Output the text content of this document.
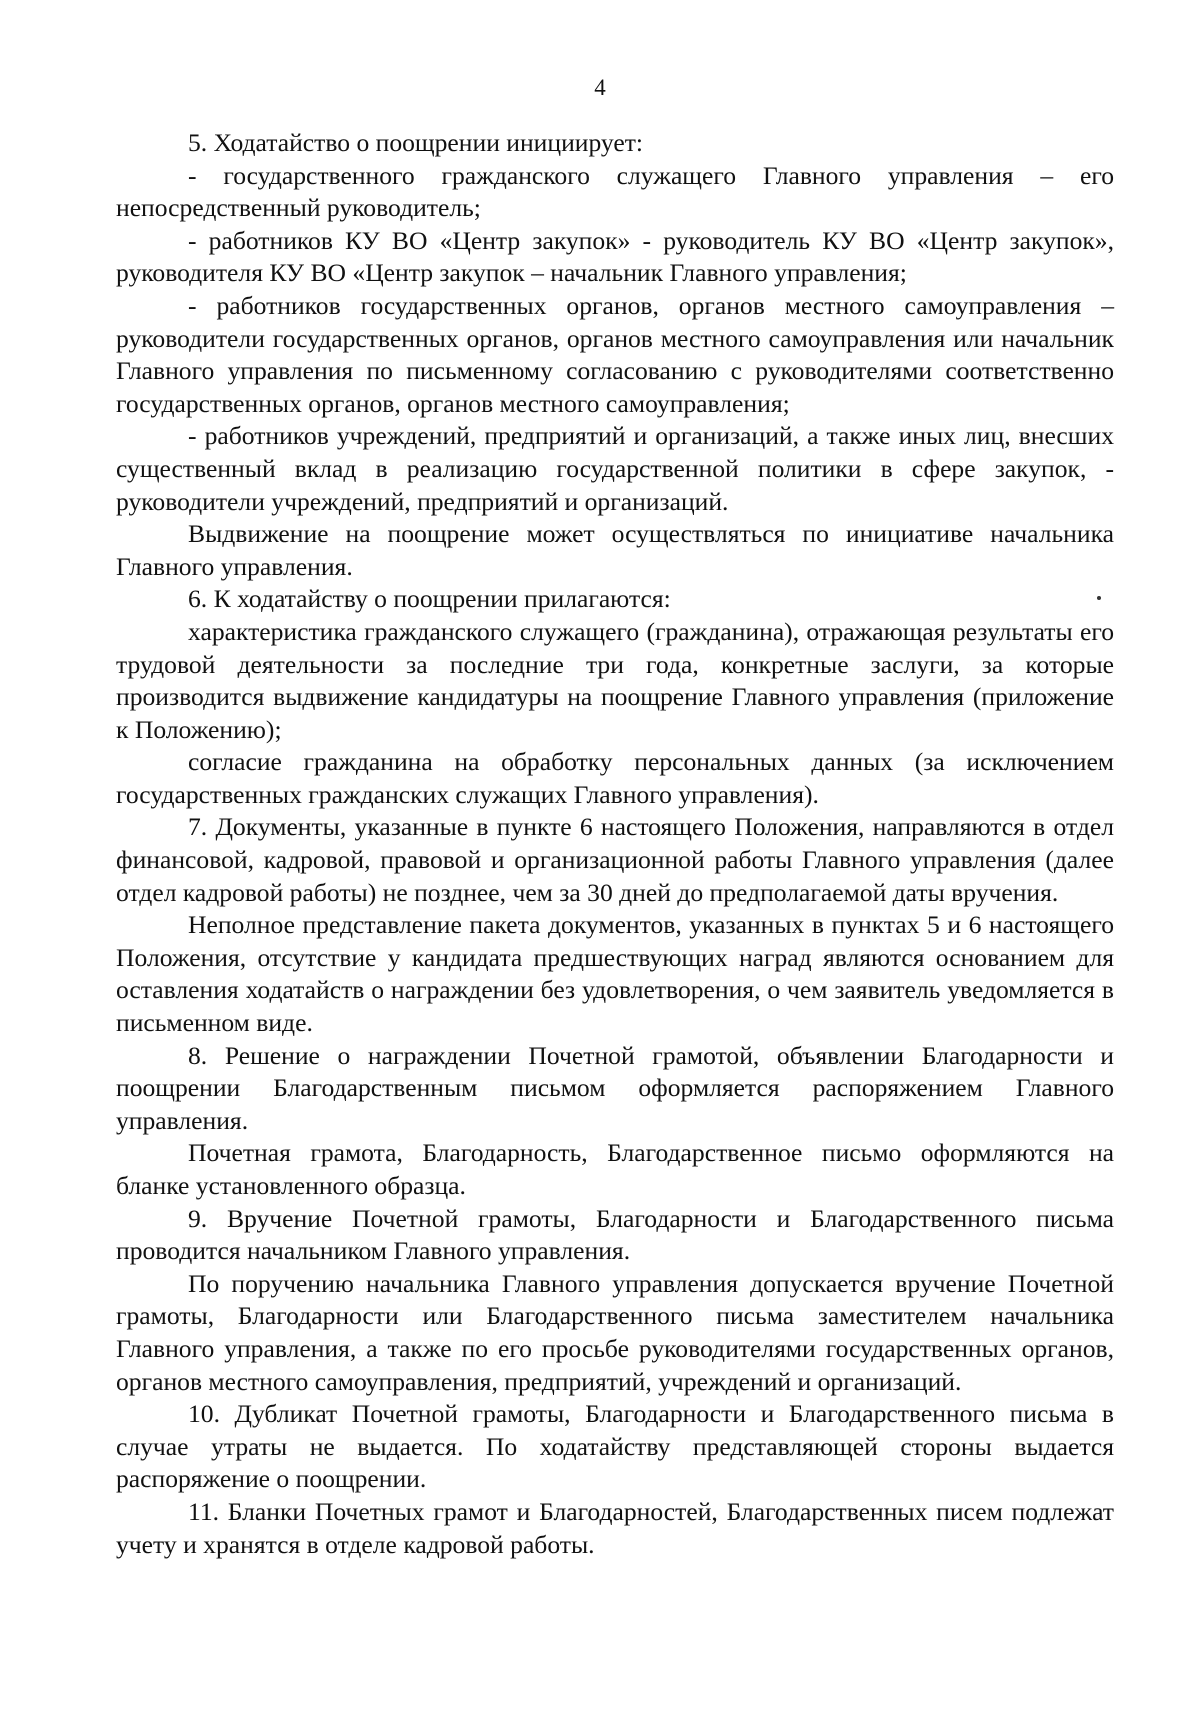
4

5. Ходатайство о поощрении инициирует:

- государственного гражданского служащего Главного управления – его непосредственный руководитель;

- работников КУ ВО «Центр закупок» - руководитель КУ ВО «Центр закупок», руководителя КУ ВО «Центр закупок – начальник Главного управления;

- работников государственных органов, органов местного самоуправления – руководители государственных органов, органов местного самоуправления или начальник Главного управления по письменному согласованию с руководителями соответственно государственных органов, органов местного самоуправления;

- работников учреждений, предприятий и организаций, а также иных лиц, внесших существенный вклад в реализацию государственной политики в сфере закупок, - руководители учреждений, предприятий и организаций.

Выдвижение на поощрение может осуществляться по инициативе начальника Главного управления.

6. К ходатайству о поощрении прилагаются:

характеристика гражданского служащего (гражданина), отражающая результаты его трудовой деятельности за последние три года, конкретные заслуги, за которые производится выдвижение кандидатуры на поощрение Главного управления (приложение к Положению);

согласие гражданина на обработку персональных данных (за исключением государственных гражданских служащих Главного управления).

7. Документы, указанные в пункте 6 настоящего Положения, направляются в отдел финансовой, кадровой, правовой и организационной работы Главного управления (далее отдел кадровой работы) не позднее, чем за 30 дней до предполагаемой даты вручения.

Неполное представление пакета документов, указанных в пунктах 5 и 6 настоящего Положения, отсутствие у кандидата предшествующих наград являются основанием для оставления ходатайств о награждении без удовлетворения, о чем заявитель уведомляется в письменном виде.

8. Решение о награждении Почетной грамотой, объявлении Благодарности и поощрении Благодарственным письмом оформляется распоряжением Главного управления.

Почетная грамота, Благодарность, Благодарственное письмо оформляются на бланке установленного образца.

9. Вручение Почетной грамоты, Благодарности и Благодарственного письма проводится начальником Главного управления.

По поручению начальника Главного управления допускается вручение Почетной грамоты, Благодарности или Благодарственного письма заместителем начальника Главного управления, а также по его просьбе руководителями государственных органов, органов местного самоуправления, предприятий, учреждений и организаций.

10. Дубликат Почетной грамоты, Благодарности и Благодарственного письма в случае утраты не выдается. По ходатайству представляющей стороны выдается распоряжение о поощрении.

11. Бланки Почетных грамот и Благодарностей, Благодарственных писем подлежат учету и хранятся в отделе кадровой работы.
